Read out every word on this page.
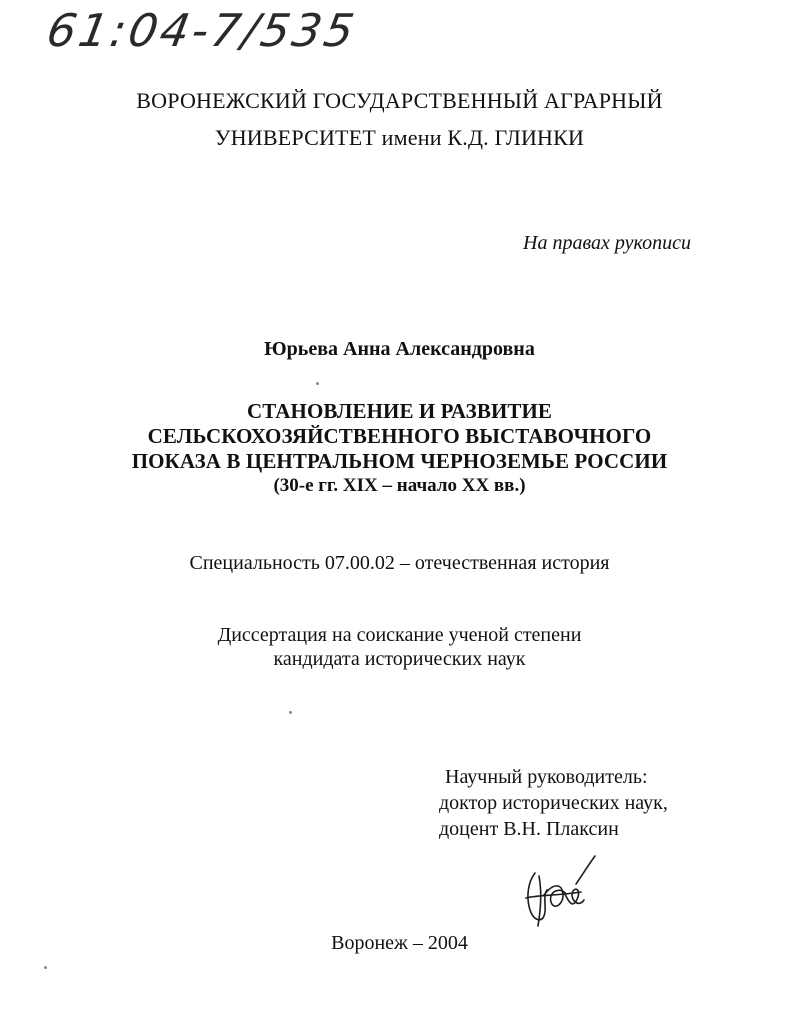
61:04-7/535
ВОРОНЕЖСКИЙ ГОСУДАРСТВЕННЫЙ АГРАРНЫЙ
УНИВЕРСИТЕТ имени К.Д. ГЛИНКИ
На правах рукописи
Юрьева Анна Александровна
СТАНОВЛЕНИЕ И РАЗВИТИЕ
СЕЛЬСКОХОЗЯЙСТВЕННОГО ВЫСТАВОЧНОГО
ПОКАЗА В ЦЕНТРАЛЬНОМ ЧЕРНОЗЕМЬЕ РОССИИ
(30-е гг. XIX – начало XX вв.)
Специальность 07.00.02 – отечественная история
Диссертация на соискание ученой степени
кандидата исторических наук
Научный руководитель:
доктор исторических наук,
доцент В.Н. Плаксин
Воронеж – 2004
